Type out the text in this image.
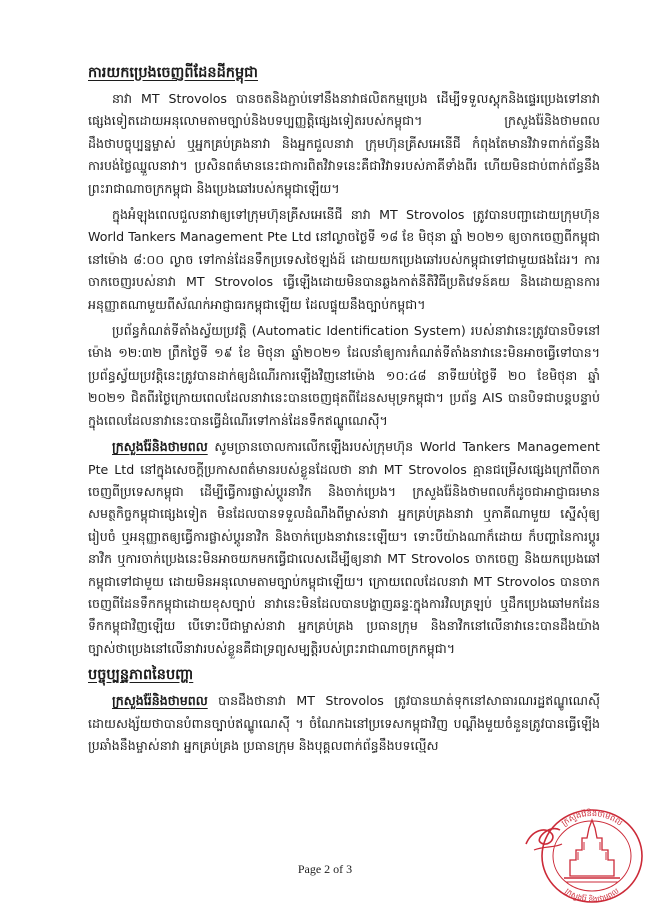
ការយកប្រេងចេញពីដែនដីកម្ពុជា

នាវា MT Strovolos បានចតនិងភ្ជាប់ទៅនឹងនាវាផលិតកម្មប្រេង ដើម្បីទទួលស្តុកនិងផ្ទេរប្រេងទៅនាវាផ្សេងទៀតដោយអនុលោមតាមច្បាប់និងបទប្បញ្ញត្តិផ្សេងទៀតរបស់កម្ពុជា។ ក្រសួងរ៉ែនិងថាមពលដឹងថាបច្ចុប្បន្នម្ចាស់ ឬអ្នកគ្រប់គ្រងនាវា និងអ្នកជួលនាវា ក្រុមហ៊ុនគ្រីសអេនើជី កំពុងតែមានវិវាទពាក់ព័ន្ធនឹងការបង់ថ្លៃឈ្នួលនាវា។ ប្រសិនពត៌មាននេះជាការពិតវិវាទនេះគឺជាវិវាទរបស់ភាគីទាំងពីរ ហើយមិនជាប់ពាក់ព័ន្ធនឹងព្រះរាជាណាចក្រកម្ពុជា និងប្រេងឆៅរបស់កម្ពុជាឡើយ។

ក្នុងអំឡុងពេលជួលនាវាឲ្យទៅក្រុមហ៊ុនគ្រីសអេនើជី នាវា MT Strovolos ត្រូវបានបញ្ជាដោយក្រុមហ៊ុន World Tankers Management Pte Ltd នៅល្ងាចថ្ងៃទី ១៨ ខែ មិថុនា ឆ្នាំ ២០២១ ឲ្យចាកចេញពីកម្ពុជានៅម៉ោង ៨:០០ ល្ងាច ទៅកាន់ដែនទឹកប្រទេសថៃឡង់ដ៍ ដោយយកប្រេងឆៅរបស់កម្ពុជាទៅជាមួយផងដែរ។ ការចាកចេញរបស់នាវា MT Strovolos ធ្វើឡើងដោយមិនបានឆ្លងកាត់នីតិវិធីប្រតិវេទន៍គយ និងដោយគ្មានការអនុញ្ញាតណាមួយពីស័ណក់អាជ្ញាធរកម្ពុជាឡើយ ដែលផ្ទុយនឹងច្បាប់កម្ពុជា។

ប្រព័ន្ធកំណត់ទីតាំងស្វ័យប្រវត្តិ (Automatic Identification System) របស់នាវានេះត្រូវបានបិទនៅម៉ោង ១២:៣២ ព្រឹកថ្ងៃទី ១៩ ខែ មិថុនា ឆ្នាំ២០២១ ដែលនាំឲ្យការកំណត់ទីតាំងនាវានេះមិនអាចធ្វើទៅបាន។ ប្រព័ន្ធស្វ័យប្រវត្តិនេះត្រូវបានដាក់ឲ្យដំណើរការឡើងវិញនៅម៉ោង ១០:៤៨ នាទីយប់ថ្ងៃទី ២០ ខែមិថុនា ឆ្នាំ ២០២១ ជិតពីរថ្ងៃក្រោយពេលដែលនាវានេះបានចេញផុតពីដែនសមុទ្រកម្ពុជា។ ប្រព័ន្ធ AIS បានបិទជាបន្តបន្ទាប់ក្នុងពេលដែលនាវានេះបានធ្វើដំណើរទៅកាន់ដែនទឹកឥណ្ឌូណេស៊ី។

ក្រសួងរ៉ែនិងថាមពល សូមច្រានចោលការលើកឡើងរបស់ក្រុមហ៊ុន World Tankers Management Pte Ltd នៅក្នុងសេចក្តីប្រកាសពត៌មានរបស់ខ្លួនដែលថា នាវា MT Strovolos គ្មានជម្រើសផ្សេងក្រៅពីចាកចេញពីប្រទេសកម្ពុជា ដើម្បីធ្វើការផ្លាស់ប្តូរនាវិក និងចាក់ប្រេង។ ក្រសួងរ៉ែនិងថាមពលក៏ដូចជាអាជ្ញាធរមានសមត្ថកិច្ចកម្ពុជាផ្សេងទៀត មិនដែលបានទទួលដំណឹងពីម្ចាស់នាវា អ្នកគ្រប់គ្រងនាវា ឬភាគីណាមួយ ស្នើសុំឲ្យរៀបចំ ឬអនុញ្ញាតឲ្យធ្វើការផ្លាស់ប្តូរនាវិក និងចាក់ប្រេងនាវានេះឡើយ។ ទោះបីយ៉ាងណាក៏ដោយ ក៏បញ្ហានៃការប្តូរនាវិក ឬការចាក់ប្រេងនេះមិនអាចយកមកធ្វើជាលេសដើម្បីឲ្យនាវា MT Strovolos ចាកចេញ និងយកប្រេងឆៅកម្ពុជាទៅជាមួយ ដោយមិនអនុលោមតាមច្បាប់កម្ពុជាឡើយ។ ក្រោយពេលដែលនាវា MT Strovolos បានចាកចេញពីដែនទឹកកម្ពុជាដោយខុសច្បាប់ នាវានេះមិនដែលបានបង្ហាញឆន្ទៈក្នុងការវិលត្រឡប់ ឬដឹកប្រេងឆៅមកដែនទឹកកម្ពុជាវិញឡើយ បើទោះបីជាម្ចាស់នាវា អ្នកគ្រប់គ្រង ប្រធានក្រុម និងនាវិកនៅលើនាវានេះបានដឹងយ៉ាងច្បាស់ថាប្រេងនៅលើនាវារបស់ខ្លួនគឺជាទ្រព្យសម្បត្តិរបស់ព្រះរាជាណាចក្រកម្ពុជា។

បច្ចុប្បន្នភាពនៃបញ្ហា

ក្រសួងរ៉ែនិងថាមពល បានដឹងថានាវា MT Strovolos ត្រូវបានឃាត់ទុកនៅសាធារណរដ្ឋឥណ្ឌូណេស៊ី ដោយសង្ស័យថាបានបំពានច្បាប់ឥណ្ឌូណេស៊ី ។ ចំណែកឯនៅប្រទេសកម្ពុជាវិញ បណ្តឹងមួយចំនួនត្រូវបានធ្វើឡើងប្រឆាំងនឹងម្ចាស់នាវា អ្នកគ្រប់គ្រង ប្រធានក្រុម និងបុគ្គលពាក់ព័ន្ធនឹងបទល្មើស

ក្រសួងរ៉ែនិងថាមពល
ក្រសួងរ៉ែ និងថាមពល
Page 2 of 3
